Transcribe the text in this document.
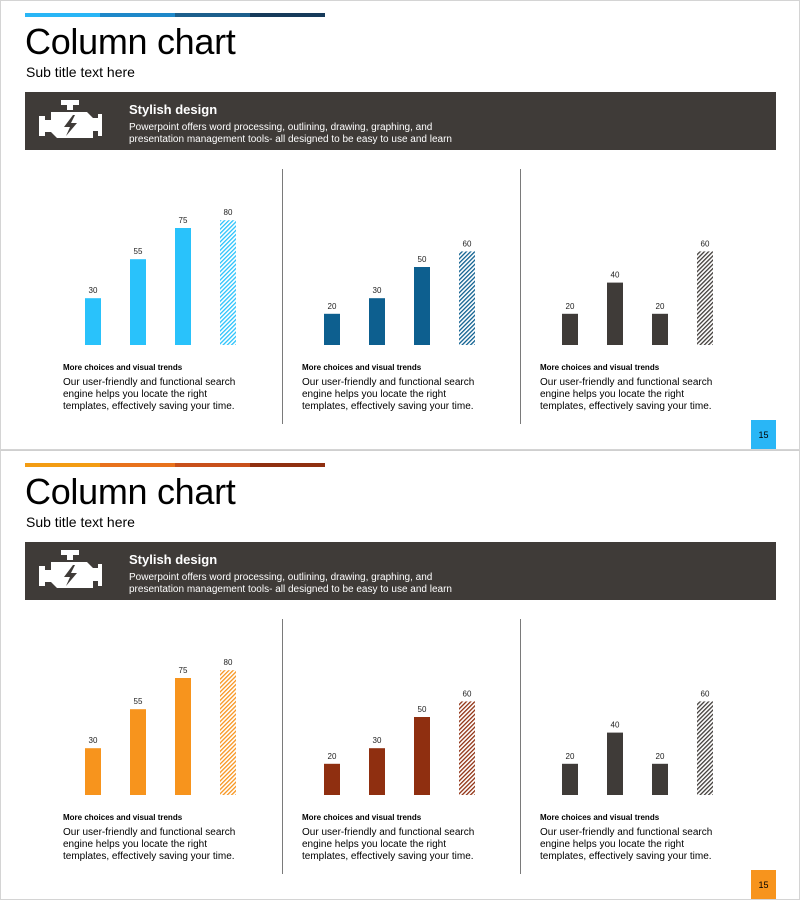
Column chart
Sub title text here
Stylish design
Powerpoint offers word processing, outlining, drawing, graphing, and presentation management tools- all designed to be easy to use and learn
30
55
75
80
More choices and visual trends
Our user-friendly and functional search engine helps you locate the right templates, effectively saving your time.
20
30
50
60
More choices and visual trends
Our user-friendly and functional search engine helps you locate the right templates, effectively saving your time.
20
40
20
60
More choices and visual trends
Our user-friendly and functional search engine helps you locate the right templates, effectively saving your time.
15
Column chart
Sub title text here
Stylish design
Powerpoint offers word processing, outlining, drawing, graphing, and presentation management tools- all designed to be easy to use and learn
30
55
75
80
More choices and visual trends
Our user-friendly and functional search engine helps you locate the right templates, effectively saving your time.
20
30
50
60
More choices and visual trends
Our user-friendly and functional search engine helps you locate the right templates, effectively saving your time.
20
40
20
60
More choices and visual trends
Our user-friendly and functional search engine helps you locate the right templates, effectively saving your time.
15
